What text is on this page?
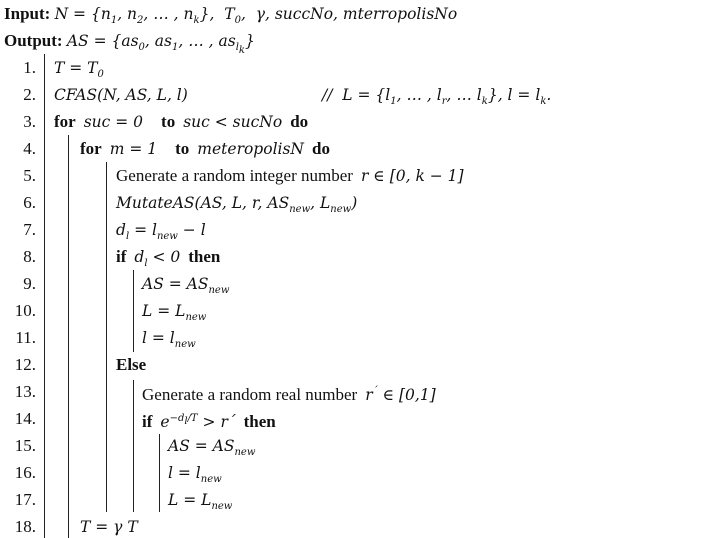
Input: $N = \{n_1$, $n_2$, … , $n_k$},  $T_0$,  γ, succNo, mterropolisNo
Output: AS = {$as_0$, $as_1$, … , $as_{l_k}$}
1. $T = T_0$
2. CFAS(N, AS, L, l)	//  $L = \{l_1$, … , $l_r$, … $l_k$}, $l = l_k$.
3. for suc = 0 to suc < sucNo do
4.	for m = 1 to meteropolisN do
5.	Generate a random integer number r ∈ [0, k − 1]
6.	MutateAS(AS, L, r, $AS_{new}$, $L_{new}$)
7.	$d_l = l_{new} - l$
8.	if $d_l < 0$ then
9.	AS = $AS_{new}$
10.	$L = L_{new}$
11.	$l = l_{new}$
12.	Else
13.	Generate a random real number r´ ∈ [0,1]
14.	if $e^{-d_l/T}$ > r´ then
15.	AS = $AS_{new}$
16.	$l = l_{new}$
17.	$L = L_{new}$
18.	T = γ T
